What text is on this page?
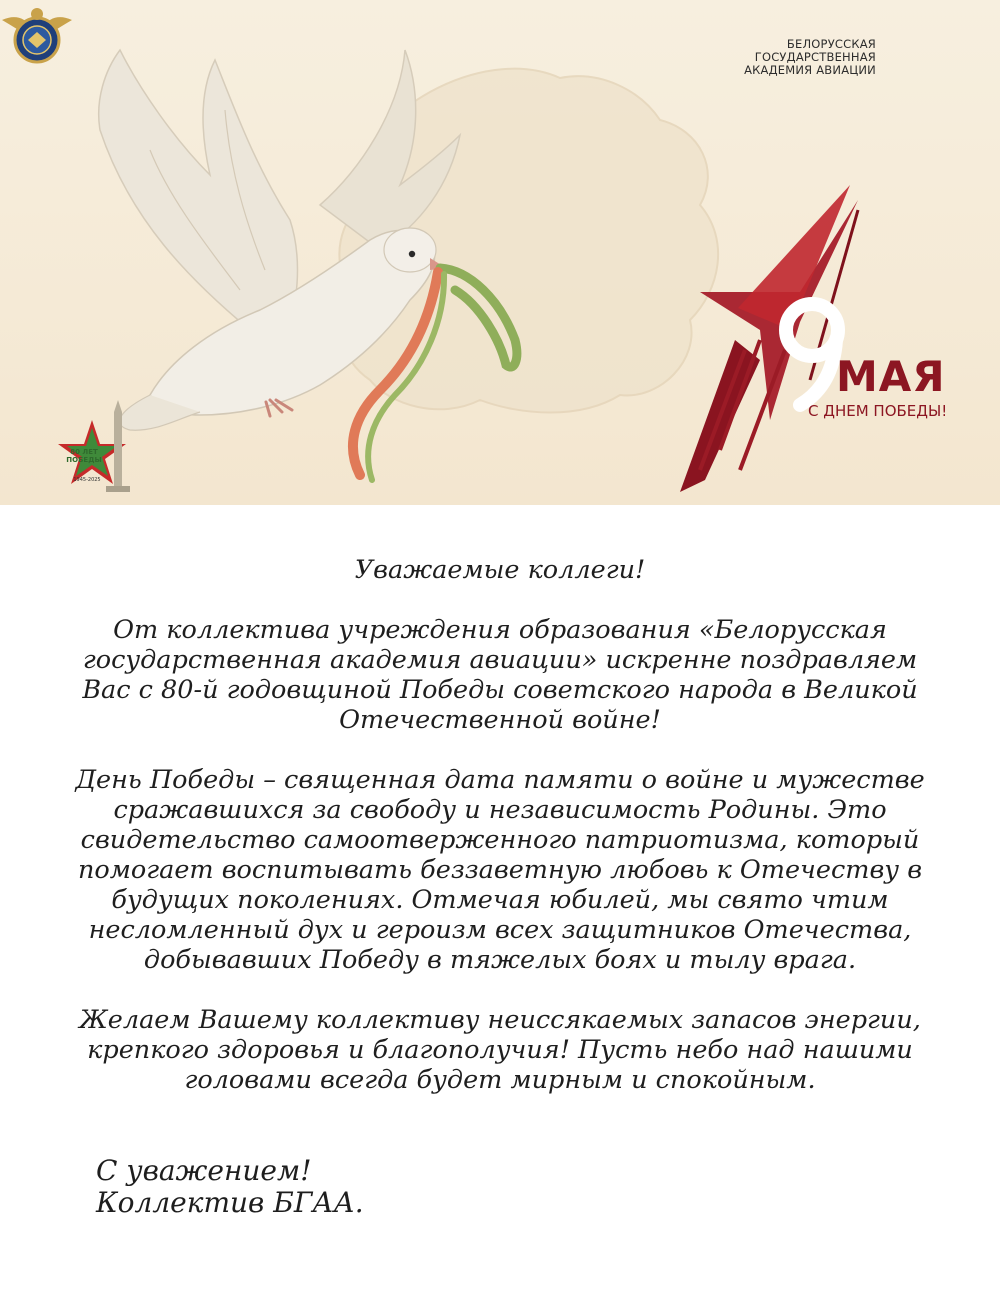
БЕЛОРУССКАЯ
ГОСУДАРСТВЕННАЯ
АКАДЕМИЯ АВИАЦИИ
МАЯ
С ДНЕМ ПОБЕДЫ!
80 ЛЕТ ПОБЕДЫ
1945-2025

Уважаемые коллеги!

От коллектива учреждения образования «Белорусская государственная академия авиации» искренне поздравляем Вас с 80-й годовщиной Победы советского народа в Великой Отечественной войне!

День Победы – священная дата памяти о войне и мужестве сражавшихся за свободу и независимость Родины. Это свидетельство самоотверженного патриотизма, который помогает воспитывать беззаветную любовь к Отечеству в будущих поколениях. Отмечая юбилей, мы свято чтим несломленный дух и героизм всех защитников Отечества, добывавших Победу в тяжелых боях и тылу врага.

Желаем Вашему коллективу неиссякаемых запасов энергии, крепкого здоровья и благополучия! Пусть небо над нашими головами всегда будет мирным и спокойным.

С уважением!
Коллектив БГАА.
